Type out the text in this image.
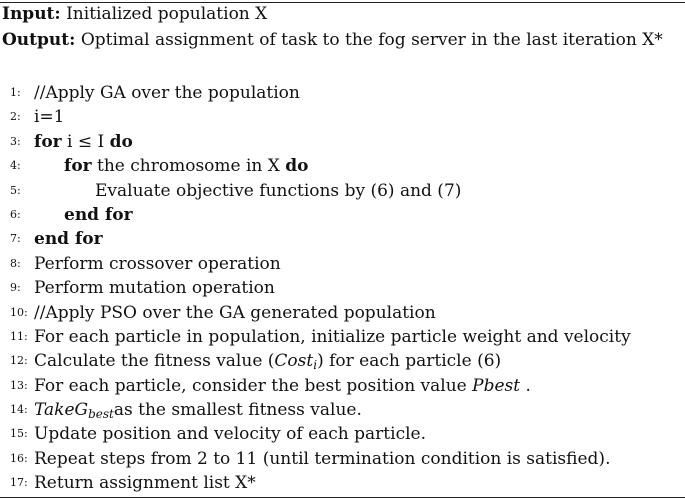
Input: Initialized population X
Output: Optimal assignment of task to the fog server in the last iteration X*
1: //Apply GA over the population
2: i=1
3: for i ≤ I do
4:	for the chromosome in X do
5:	Evaluate objective functions by (6) and (7)
6:	end for
7: end for
8: Perform crossover operation
9: Perform mutation operation
10: //Apply PSO over the GA generated population
11: For each particle in population, initialize particle weight and velocity
12: Calculate the fitness value (Cost$_i$) for each particle (6)
13: For each particle, consider the best position value Pbest .
14: TakeG$_{best}$as the smallest fitness value.
15: Update position and velocity of each particle.
16: Repeat steps from 2 to 11 (until termination condition is satisfied).
17: Return assignment list X*
